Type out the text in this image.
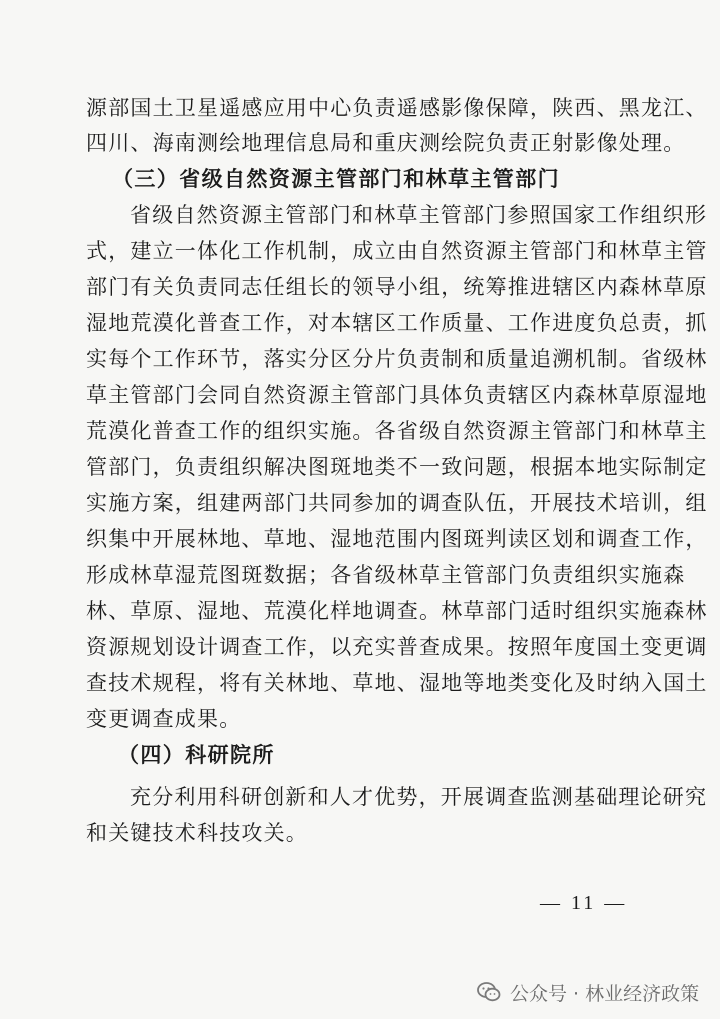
源部国土卫星遥感应用中心负责遥感影像保障，陕西、黑龙江、
四川、海南测绘地理信息局和重庆测绘院负责正射影像处理。
（三）省级自然资源主管部门和林草主管部门
省级自然资源主管部门和林草主管部门参照国家工作组织形
式，建立一体化工作机制，成立由自然资源主管部门和林草主管
部门有关负责同志任组长的领导小组，统筹推进辖区内森林草原
湿地荒漠化普查工作，对本辖区工作质量、工作进度负总责，抓
实每个工作环节，落实分区分片负责制和质量追溯机制。省级林
草主管部门会同自然资源主管部门具体负责辖区内森林草原湿地
荒漠化普查工作的组织实施。各省级自然资源主管部门和林草主
管部门，负责组织解决图斑地类不一致问题，根据本地实际制定
实施方案，组建两部门共同参加的调查队伍，开展技术培训，组
织集中开展林地、草地、湿地范围内图斑判读区划和调查工作，
形成林草湿荒图斑数据；各省级林草主管部门负责组织实施森
林、草原、湿地、荒漠化样地调查。林草部门适时组织实施森林
资源规划设计调查工作，以充实普查成果。按照年度国土变更调
查技术规程，将有关林地、草地、湿地等地类变化及时纳入国土
变更调查成果。
（四）科研院所
充分利用科研创新和人才优势，开展调查监测基础理论研究
和关键技术科技攻关。
— 11 —
公众号 · 林业经济政策
